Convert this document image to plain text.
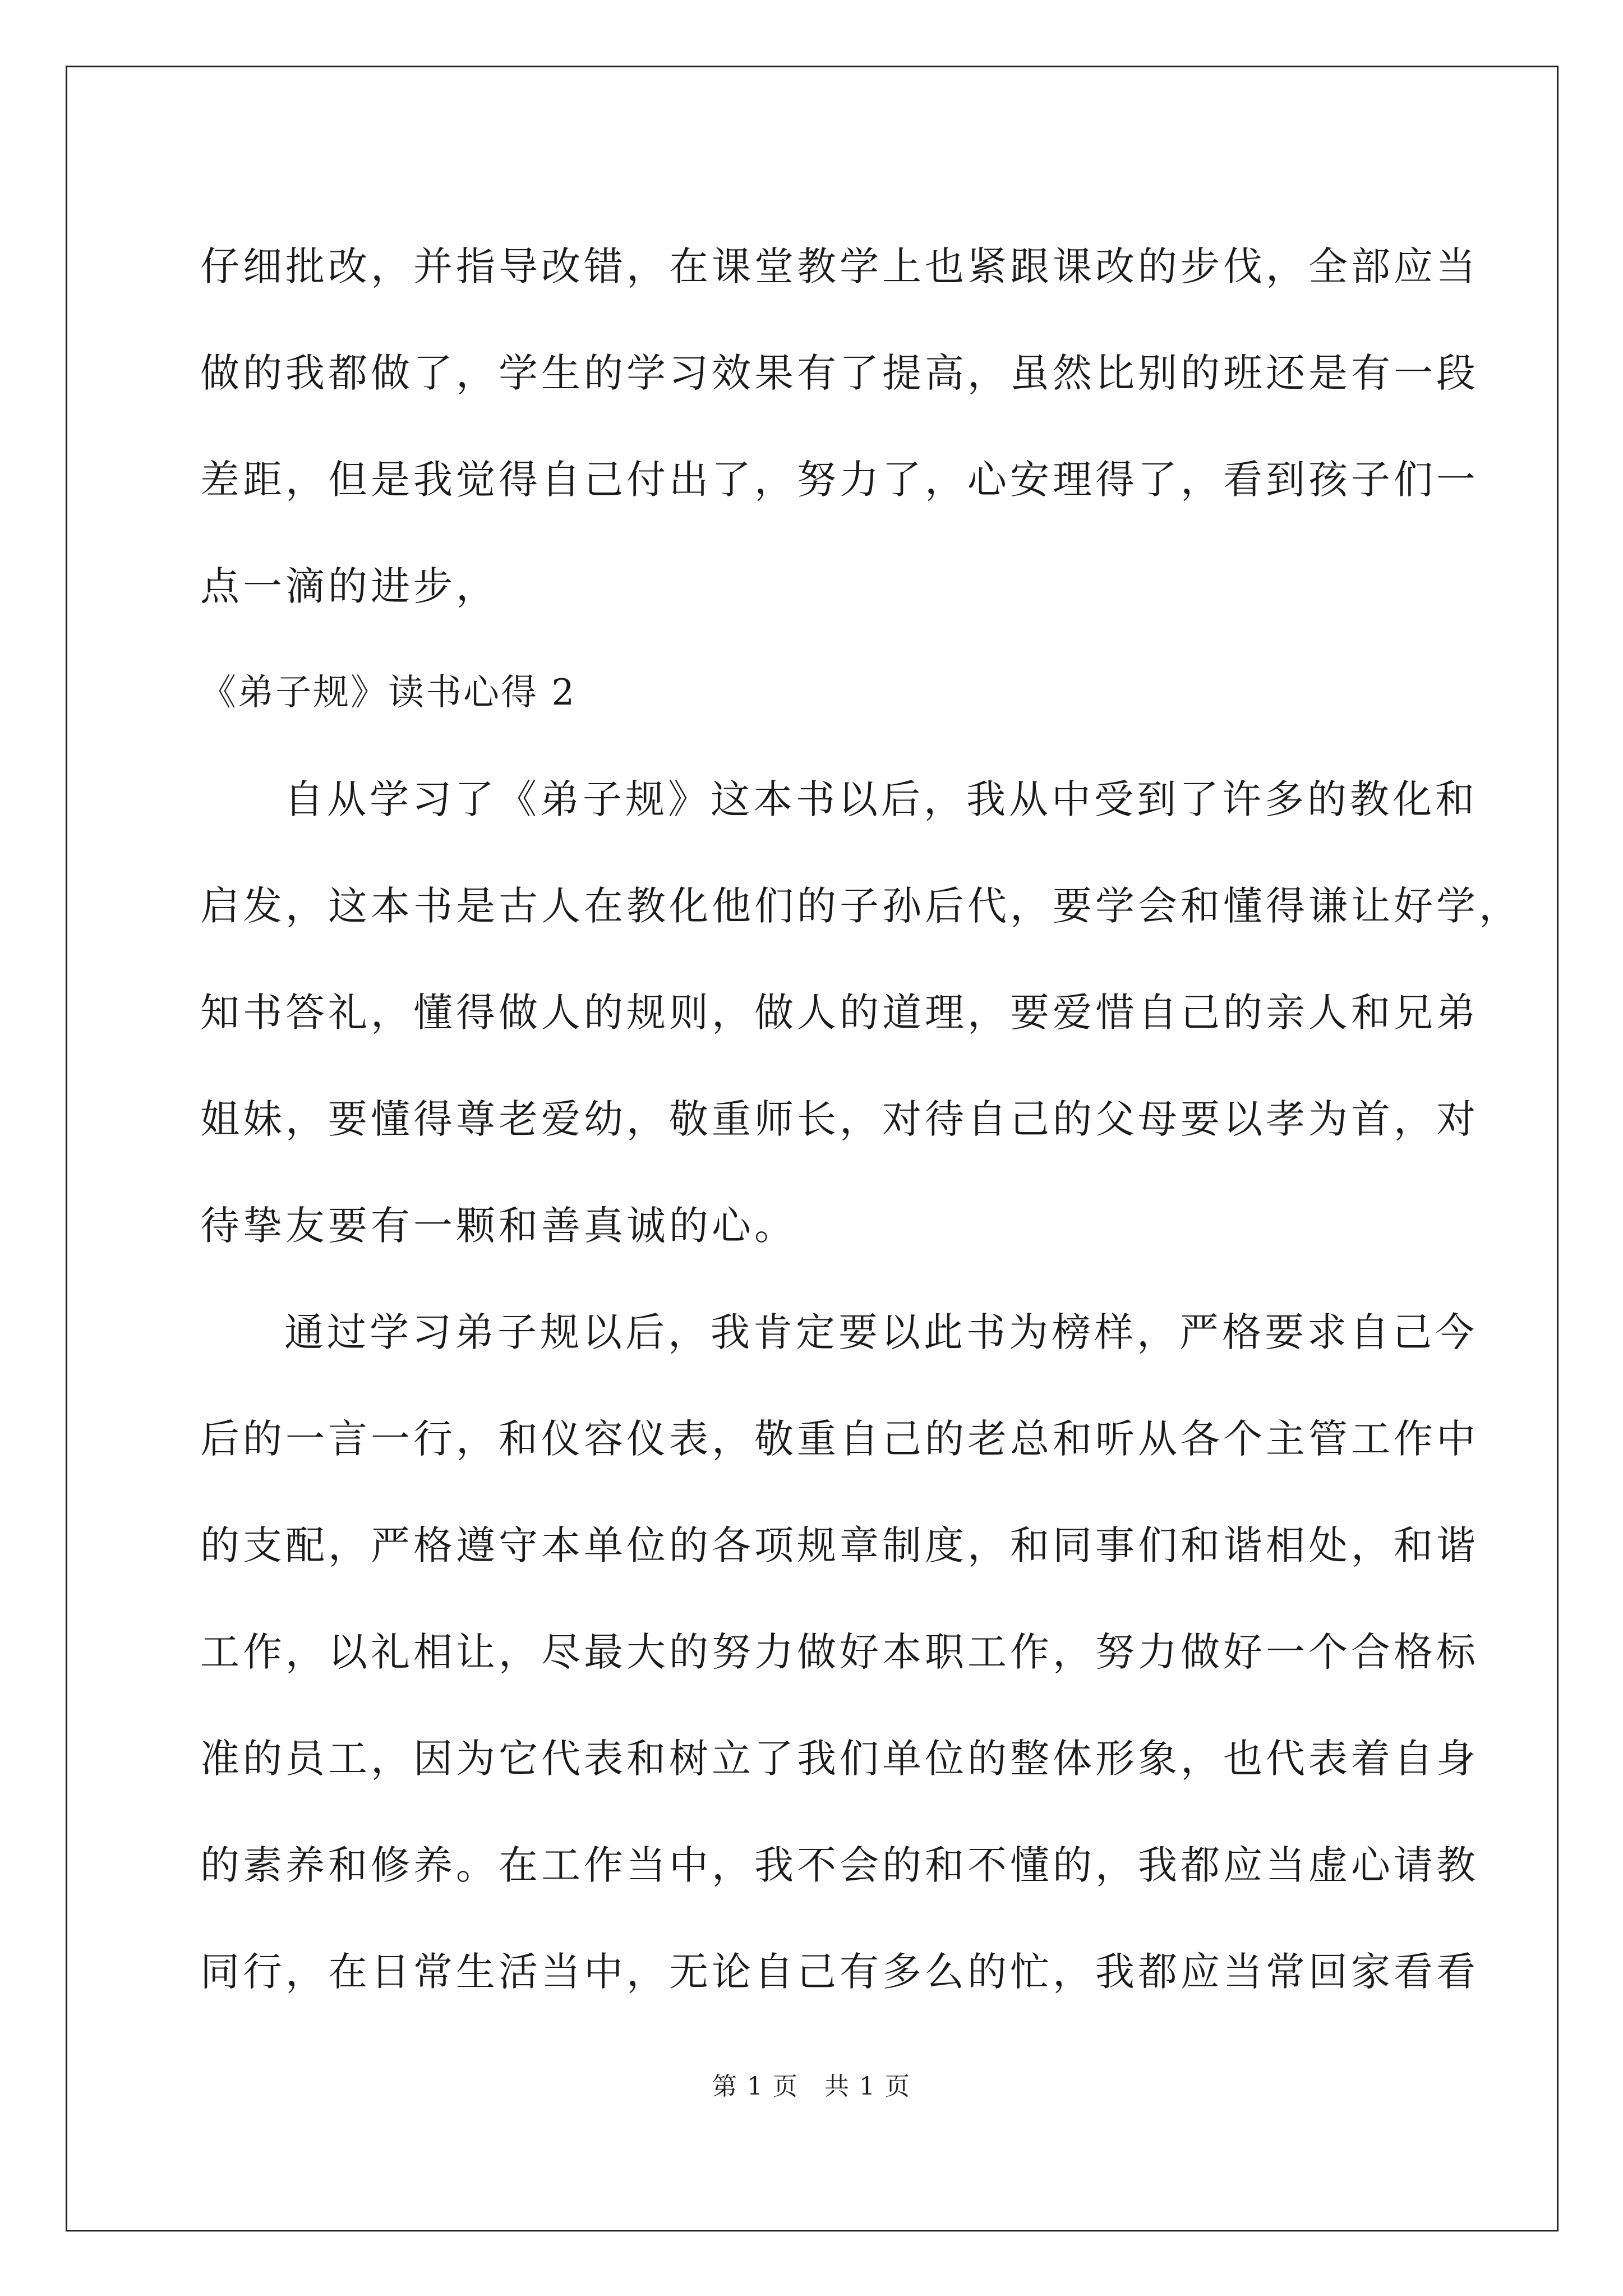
仔细批改，并指导改错，在课堂教学上也紧跟课改的步伐，全部应当
做的我都做了，学生的学习效果有了提高，虽然比别的班还是有一段
差距，但是我觉得自己付出了，努力了，心安理得了，看到孩子们一
点一滴的进步，
《弟子规》读书心得 2
自从学习了《弟子规》这本书以后，我从中受到了许多的教化和
启发，这本书是古人在教化他们的子孙后代，要学会和懂得谦让好学，
知书答礼，懂得做人的规则，做人的道理，要爱惜自己的亲人和兄弟
姐妹，要懂得尊老爱幼，敬重师长，对待自己的父母要以孝为首，对
待挚友要有一颗和善真诚的心。
通过学习弟子规以后，我肯定要以此书为榜样，严格要求自己今
后的一言一行，和仪容仪表，敬重自己的老总和听从各个主管工作中
的支配，严格遵守本单位的各项规章制度，和同事们和谐相处，和谐
工作，以礼相让，尽最大的努力做好本职工作，努力做好一个合格标
准的员工，因为它代表和树立了我们单位的整体形象，也代表着自身
的素养和修养。在工作当中，我不会的和不懂的，我都应当虚心请教
同行，在日常生活当中，无论自己有多么的忙，我都应当常回家看看
第 1 页　共 1 页
